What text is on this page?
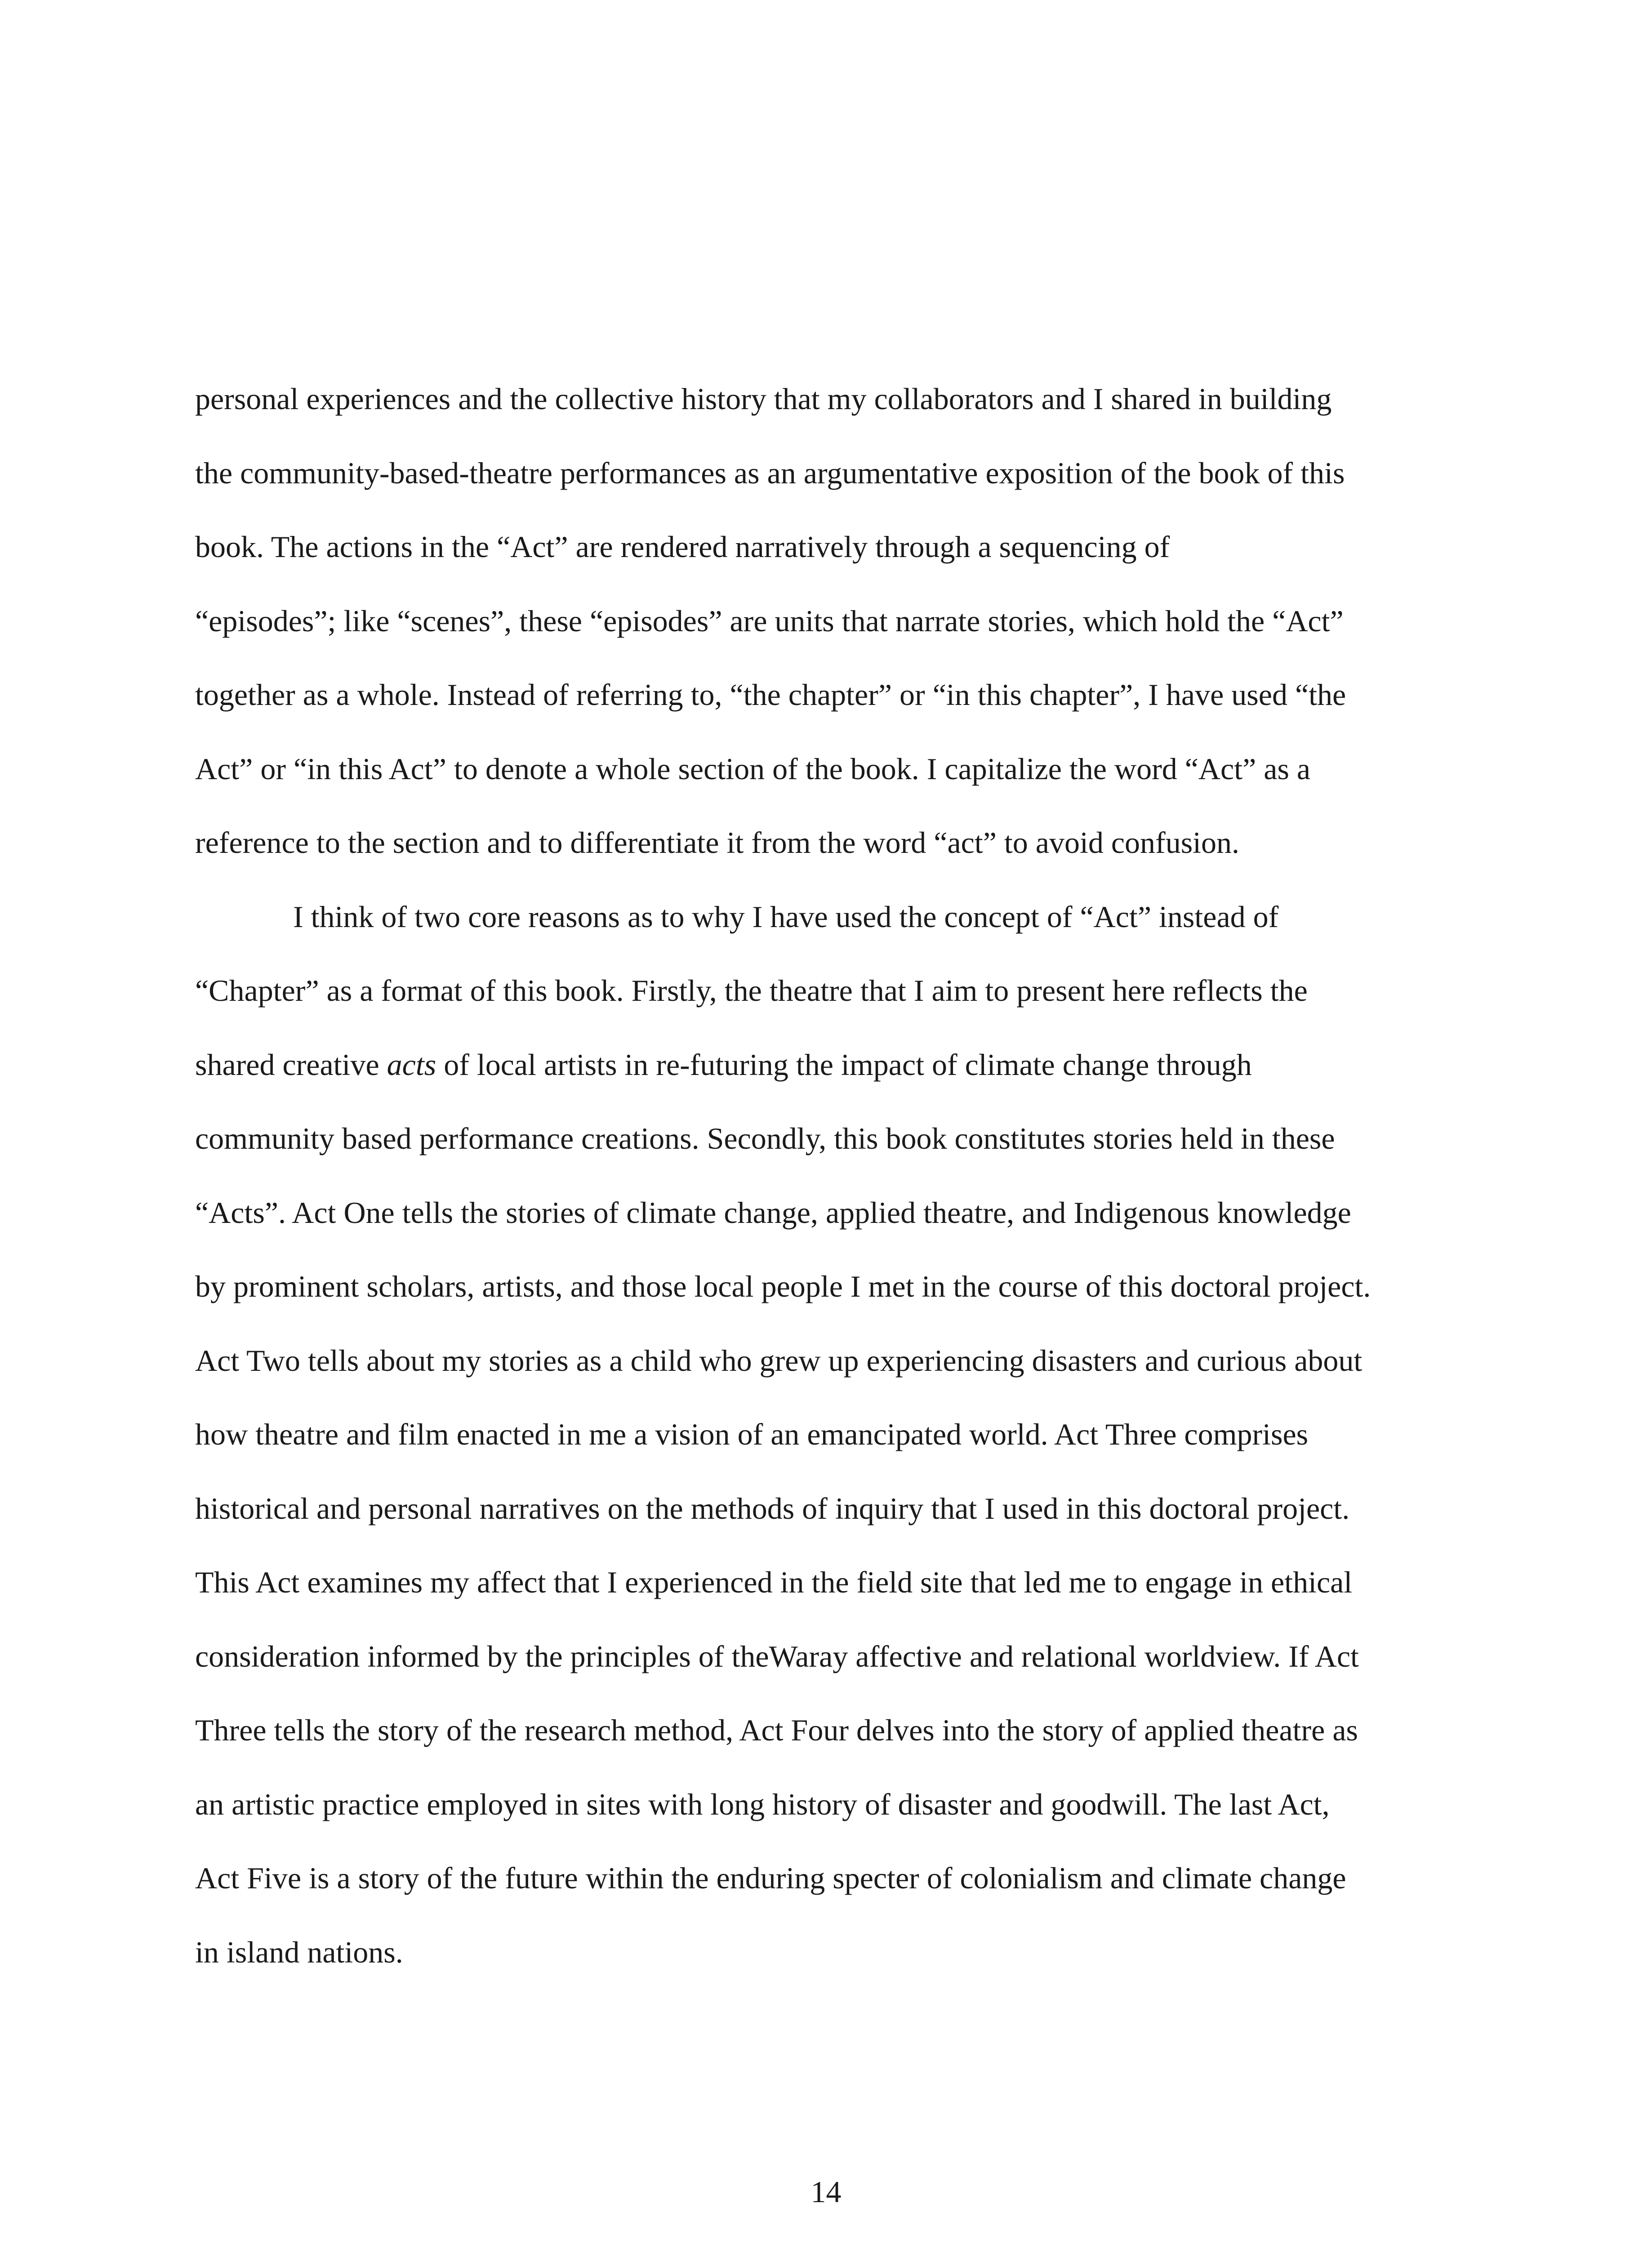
personal experiences and the collective history that my collaborators and I shared in building
the community-based-theatre performances as an argumentative exposition of the book of this
book. The actions in the “Act” are rendered narratively through a sequencing of
“episodes”; like “scenes”, these “episodes” are units that narrate stories, which hold the “Act”
together as a whole. Instead of referring to, “the chapter” or “in this chapter”, I have used “the
Act” or “in this Act” to denote a whole section of the book. I capitalize the word “Act” as a
reference to the section and to differentiate it from the word “act” to avoid confusion.
I think of two core reasons as to why I have used the concept of “Act” instead of
“Chapter” as a format of this book. Firstly, the theatre that I aim to present here reflects the
shared creative acts of local artists in re-futuring the impact of climate change through
community based performance creations. Secondly, this book constitutes stories held in these
“Acts”. Act One tells the stories of climate change, applied theatre, and Indigenous knowledge
by prominent scholars, artists, and those local people I met in the course of this doctoral project.
Act Two tells about my stories as a child who grew up experiencing disasters and curious about
how theatre and film enacted in me a vision of an emancipated world. Act Three comprises
historical and personal narratives on the methods of inquiry that I used in this doctoral project.
This Act examines my affect that I experienced in the field site that led me to engage in ethical
consideration informed by the principles of theWaray affective and relational worldview. If Act
Three tells the story of the research method, Act Four delves into the story of applied theatre as
an artistic practice employed in sites with long history of disaster and goodwill. The last Act,
Act Five is a story of the future within the enduring specter of colonialism and climate change
in island nations.
14
